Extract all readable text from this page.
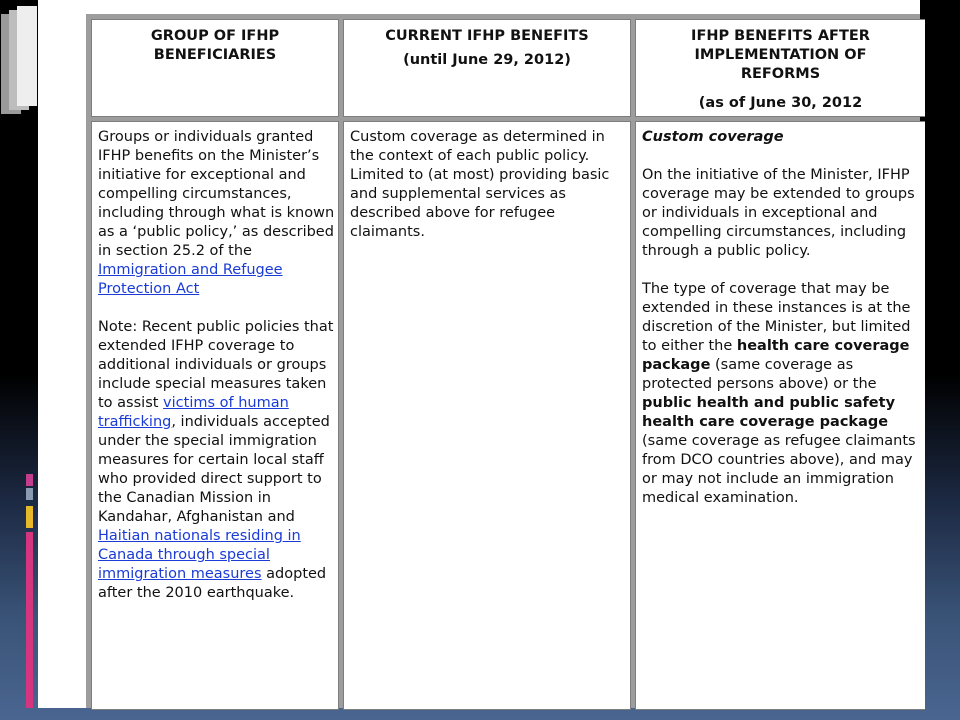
GROUP OF IFHP
BENEFICIARIES
CURRENT IFHP BENEFITS
(until June 29, 2012)
IFHP BENEFITS AFTER
IMPLEMENTATION OF
REFORMS
(as of June 30, 2012

Groups or individuals granted IFHP benefits on the Minister’s initiative for exceptional and compelling circumstances, including through what is known as a ‘public policy,’ as described in section 25.2 of the Immigration and Refugee Protection Act

Note: Recent public policies that extended IFHP coverage to additional individuals or groups include special measures taken to assist victims of human trafficking, individuals accepted under the special immigration measures for certain local staff who provided direct support to the Canadian Mission in Kandahar, Afghanistan and Haitian nationals residing in Canada through special immigration measures adopted after the 2010 earthquake.

Custom coverage as determined in the context of each public policy. Limited to (at most) providing basic and supplemental services as described above for refugee claimants.

Custom coverage

On the initiative of the Minister, IFHP coverage may be extended to groups or individuals in exceptional and compelling circumstances, including through a public policy.

The type of coverage that may be extended in these instances is at the discretion of the Minister, but limited to either the health care coverage package (same coverage as protected persons above) or the public health and public safety health care coverage package (same coverage as refugee claimants from DCO countries above), and may or may not include an immigration medical examination.
